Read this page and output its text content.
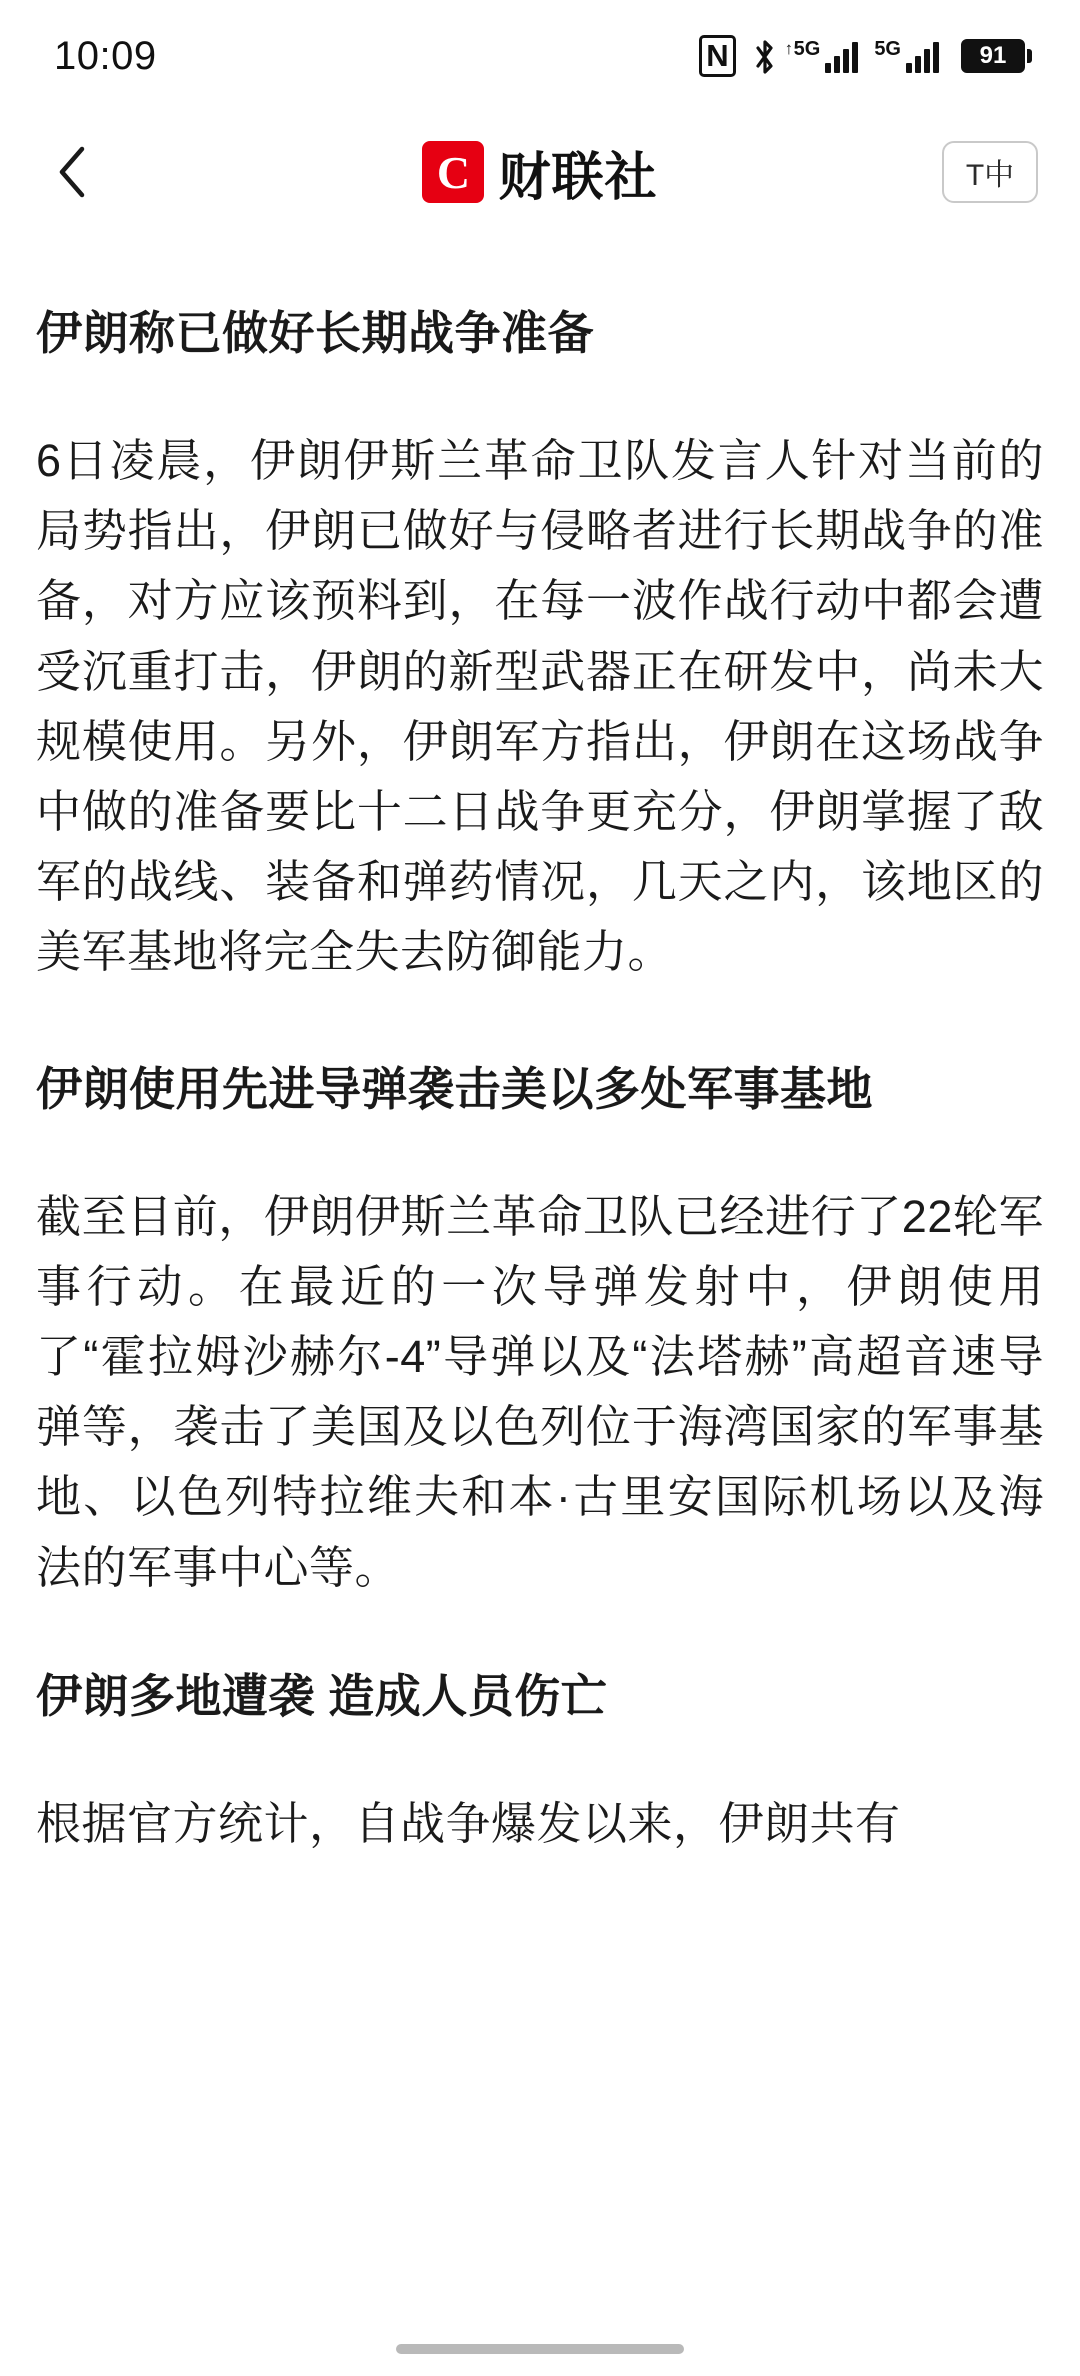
10:09	N	↑ 5G	5G	91
C 财联社	T中
伊朗称已做好长期战争准备

6日凌晨，伊朗伊斯兰革命卫队发言人针对当前的局势指出，伊朗已做好与侵略者进行长期战争的准备，对方应该预料到，在每一波作战行动中都会遭受沉重打击，伊朗的新型武器正在研发中，尚未大规模使用。另外，伊朗军方指出，伊朗在这场战争中做的准备要比十二日战争更充分，伊朗掌握了敌军的战线、装备和弹药情况，几天之内，该地区的美军基地将完全失去防御能力。

伊朗使用先进导弹袭击美以多处军事基地

截至目前，伊朗伊斯兰革命卫队已经进行了22轮军事行动。在最近的一次导弹发射中，伊朗使用了“霍拉姆沙赫尔-4”导弹以及“法塔赫”高超音速导弹等，袭击了美国及以色列位于海湾国家的军事基地、以色列特拉维夫和本·古里安国际机场以及海法的军事中心等。

伊朗多地遭袭 造成人员伤亡

根据官方统计，自战争爆发以来，伊朗共有
